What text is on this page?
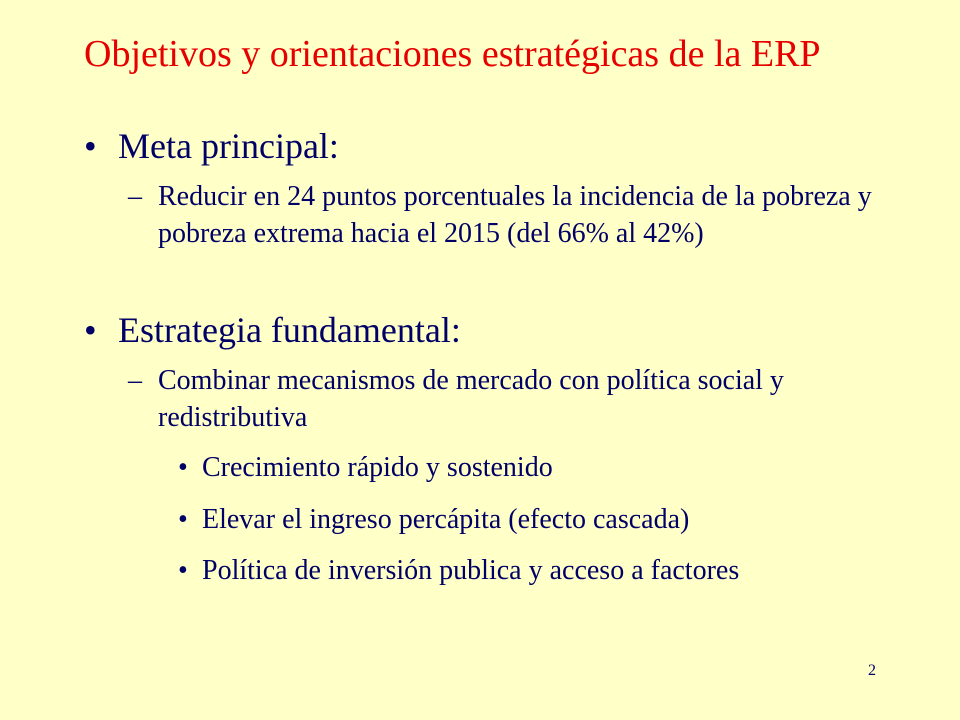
Objetivos y orientaciones estratégicas de la ERP
• Meta principal:
– Reducir en 24 puntos porcentuales la incidencia de la pobreza y pobreza extrema hacia el 2015 (del 66% al 42%)
• Estrategia fundamental:
– Combinar mecanismos de mercado con política social y redistributiva
• Crecimiento rápido y sostenido
• Elevar el ingreso percápita (efecto cascada)
• Política de inversión publica y acceso a factores
2
